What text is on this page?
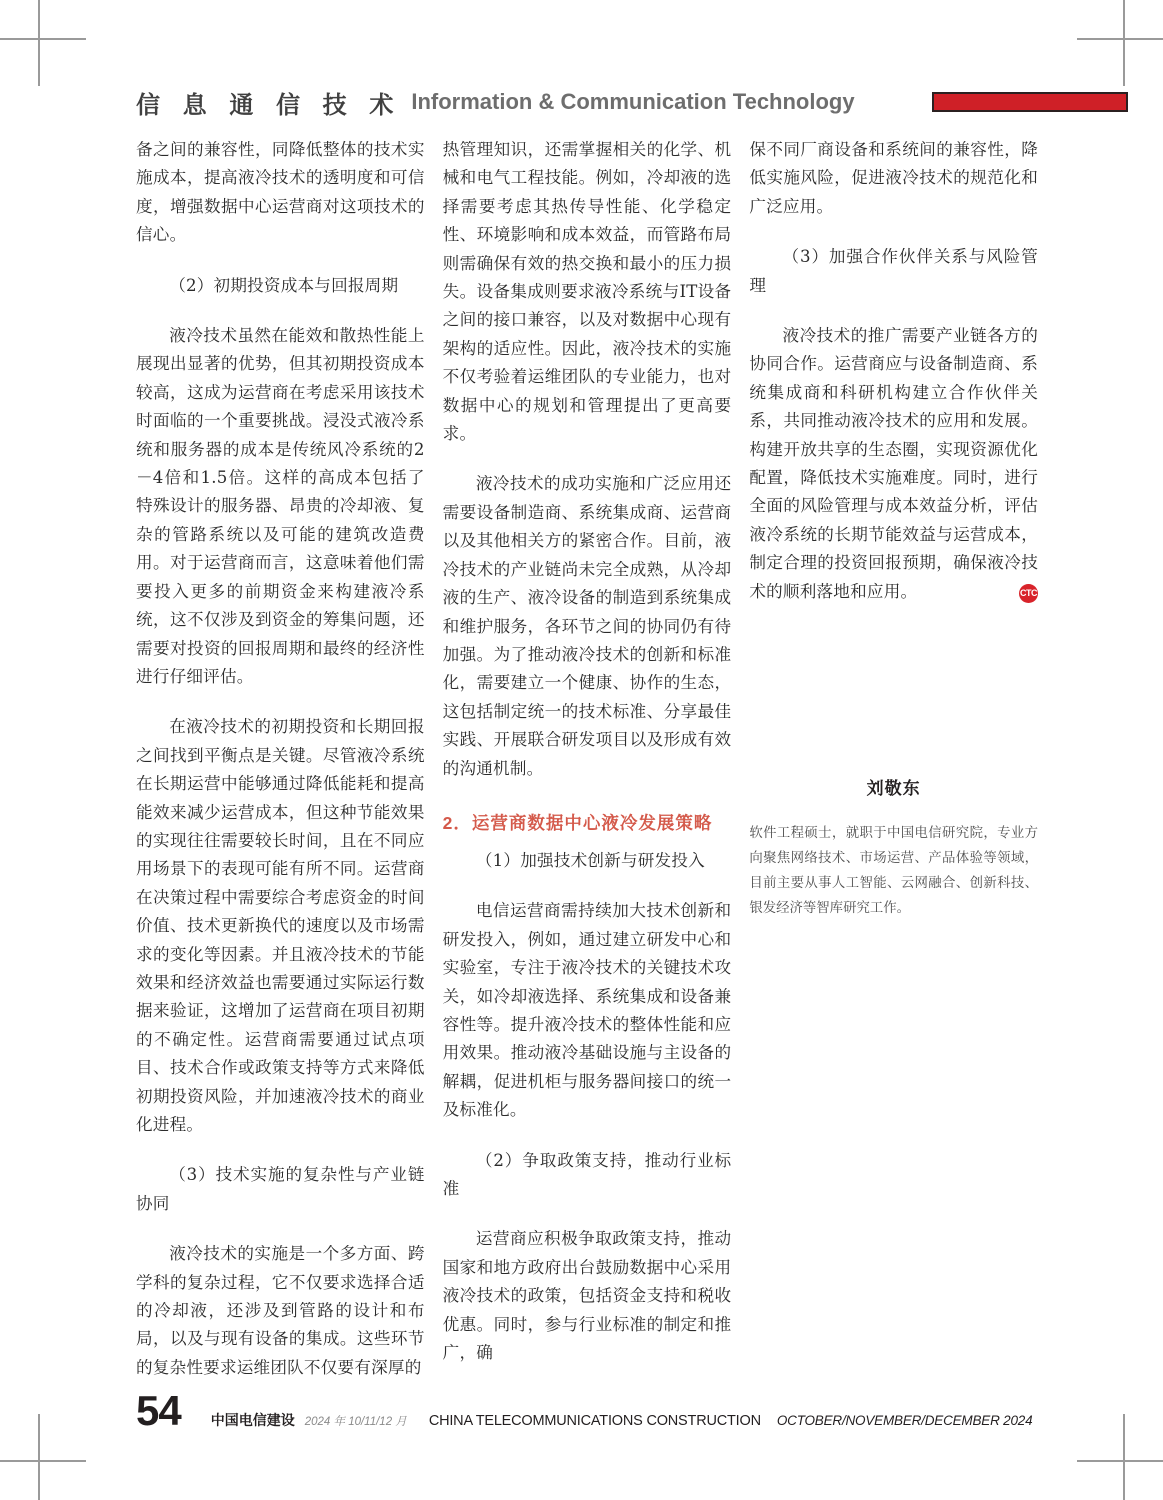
信 息 通 信 技 术 Information & Communication Technology

备之间的兼容性，同降低整体的技术实施成本，提高液冷技术的透明度和可信度，增强数据中心运营商对这项技术的信心。

（2）初期投资成本与回报周期

液冷技术虽然在能效和散热性能上展现出显著的优势，但其初期投资成本较高，这成为运营商在考虑采用该技术时面临的一个重要挑战。浸没式液冷系统和服务器的成本是传统风冷系统的2－4倍和1.5倍。这样的高成本包括了特殊设计的服务器、昂贵的冷却液、复杂的管路系统以及可能的建筑改造费用。对于运营商而言，这意味着他们需要投入更多的前期资金来构建液冷系统，这不仅涉及到资金的筹集问题，还需要对投资的回报周期和最终的经济性进行仔细评估。

在液冷技术的初期投资和长期回报之间找到平衡点是关键。尽管液冷系统在长期运营中能够通过降低能耗和提高能效来减少运营成本，但这种节能效果的实现往往需要较长时间，且在不同应用场景下的表现可能有所不同。运营商在决策过程中需要综合考虑资金的时间价值、技术更新换代的速度以及市场需求的变化等因素。并且液冷技术的节能效果和经济效益也需要通过实际运行数据来验证，这增加了运营商在项目初期的不确定性。运营商需要通过试点项目、技术合作或政策支持等方式来降低初期投资风险，并加速液冷技术的商业化进程。

（3）技术实施的复杂性与产业链协同

液冷技术的实施是一个多方面、跨学科的复杂过程，它不仅要求选择合适的冷却液，还涉及到管路的设计和布局，以及与现有设备的集成。这些环节的复杂性要求运维团队不仅要有深厚的

热管理知识，还需掌握相关的化学、机械和电气工程技能。例如，冷却液的选择需要考虑其热传导性能、化学稳定性、环境影响和成本效益，而管路布局则需确保有效的热交换和最小的压力损失。设备集成则要求液冷系统与IT设备之间的接口兼容，以及对数据中心现有架构的适应性。因此，液冷技术的实施不仅考验着运维团队的专业能力，也对数据中心的规划和管理提出了更高要求。

液冷技术的成功实施和广泛应用还需要设备制造商、系统集成商、运营商以及其他相关方的紧密合作。目前，液冷技术的产业链尚未完全成熟，从冷却液的生产、液冷设备的制造到系统集成和维护服务，各环节之间的协同仍有待加强。为了推动液冷技术的创新和标准化，需要建立一个健康、协作的生态，这包括制定统一的技术标准、分享最佳实践、开展联合研发项目以及形成有效的沟通机制。

2．运营商数据中心液冷发展策略

（1）加强技术创新与研发投入

电信运营商需持续加大技术创新和研发投入，例如，通过建立研发中心和实验室，专注于液冷技术的关键技术攻关，如冷却液选择、系统集成和设备兼容性等。提升液冷技术的整体性能和应用效果。推动液冷基础设施与主设备的解耦，促进机柜与服务器间接口的统一及标准化。

（2）争取政策支持，推动行业标准

运营商应积极争取政策支持，推动国家和地方政府出台鼓励数据中心采用液冷技术的政策，包括资金支持和税收优惠。同时，参与行业标准的制定和推广，确

保不同厂商设备和系统间的兼容性，降低实施风险，促进液冷技术的规范化和广泛应用。

（3）加强合作伙伴关系与风险管理

液冷技术的推广需要产业链各方的协同合作。运营商应与设备制造商、系统集成商和科研机构建立合作伙伴关系，共同推动液冷技术的应用和发展。构建开放共享的生态圈，实现资源优化配置，降低技术实施难度。同时，进行全面的风险管理与成本效益分析，评估液冷系统的长期节能效益与运营成本，制定合理的投资回报预期，确保液冷技术的顺利落地和应用。	CTC
刘敬东
软件工程硕士，就职于中国电信研究院，专业方向聚焦网络技术、市场运营、产品体验等领域，目前主要从事人工智能、云网融合、创新科技、银发经济等智库研究工作。
54 中国电信建设 2024 年 10/11/12 月 CHINA TELECOMMUNICATIONS CONSTRUCTION OCTOBER/NOVEMBER/DECEMBER 2024
